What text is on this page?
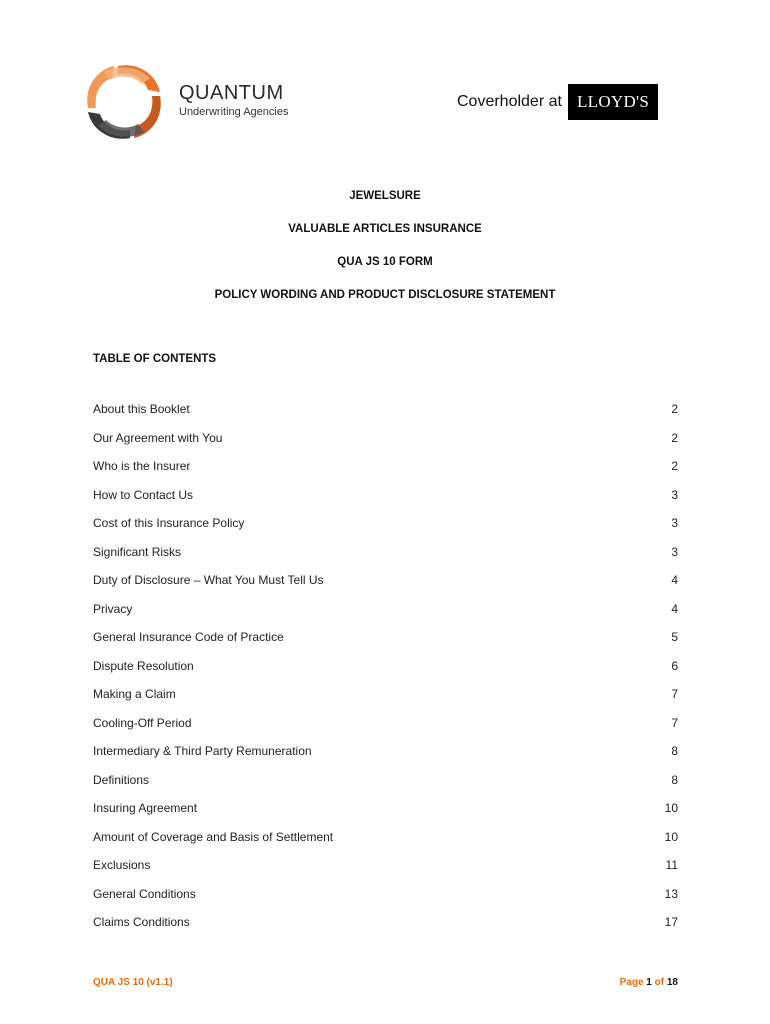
QUANTUM
Underwriting Agencies
Coverholder at LLOYD'S
JEWELSURE
VALUABLE ARTICLES INSURANCE
QUA JS 10 FORM
POLICY WORDING AND PRODUCT DISCLOSURE STATEMENT
TABLE OF CONTENTS
About this Booklet	2
Our Agreement with You	2
Who is the Insurer	2
How to Contact Us	3
Cost of this Insurance Policy	3
Significant Risks	3
Duty of Disclosure – What You Must Tell Us	4
Privacy	4
General Insurance Code of Practice	5
Dispute Resolution	6
Making a Claim	7
Cooling-Off Period	7
Intermediary & Third Party Remuneration	8
Definitions	8
Insuring Agreement	10
Amount of Coverage and Basis of Settlement	10
Exclusions	11
General Conditions	13
Claims Conditions	17
QUA JS 10 (v1.1)	Page 1 of 18
